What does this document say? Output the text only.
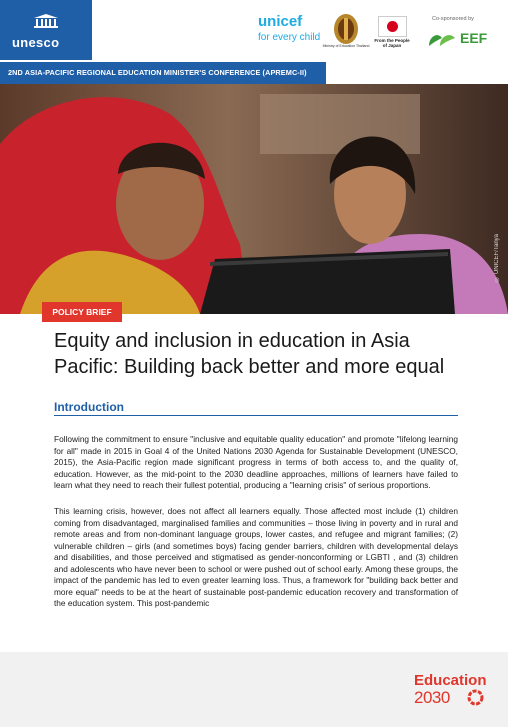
unesco
unicef
for every child
Ministry of Education Thailand
From the People of Japan
Co-sponsored by
EEF
2ND ASIA-PACIFIC REGIONAL EDUCATION MINISTER'S CONFERENCE (APREMC-II)
© UNICEF/Tanya
POLICY BRIEF
Equity and inclusion in education in Asia
Pacific: Building back better and more equal
Introduction
Following the commitment to ensure "inclusive and equitable quality education" and promote "lifelong learning for all" made in 2015 in Goal 4 of the United Nations 2030 Agenda for Sustainable Development (UNESCO, 2015), the Asia-Pacific region made significant progress in terms of both access to, and the quality of, education. However, as the mid-point to the 2030 deadline approaches, millions of learners have failed to learn what they need to reach their fullest potential, producing a "learning crisis" of serious proportions.
This learning crisis, however, does not affect all learners equally. Those affected most include (1) children coming from disadvantaged, marginalised families and communities – those living in poverty and in rural and remote areas and from non-dominant language groups, lower castes, and refugee and migrant families; (2) vulnerable children – girls (and sometimes boys) facing gender barriers, children with developmental delays and disabilities, and those perceived and stigmatised as gender-nonconforming or LGBTI , and (3) children and adolescents who have never been to school or were pushed out of school early. Among these groups, the impact of the pandemic has led to even greater learning loss. Thus, a framework for "building back better and more equal" needs to be at the heart of sustainable post-pandemic education recovery and transformation of the education system. This post-pandemic
Education
2030
